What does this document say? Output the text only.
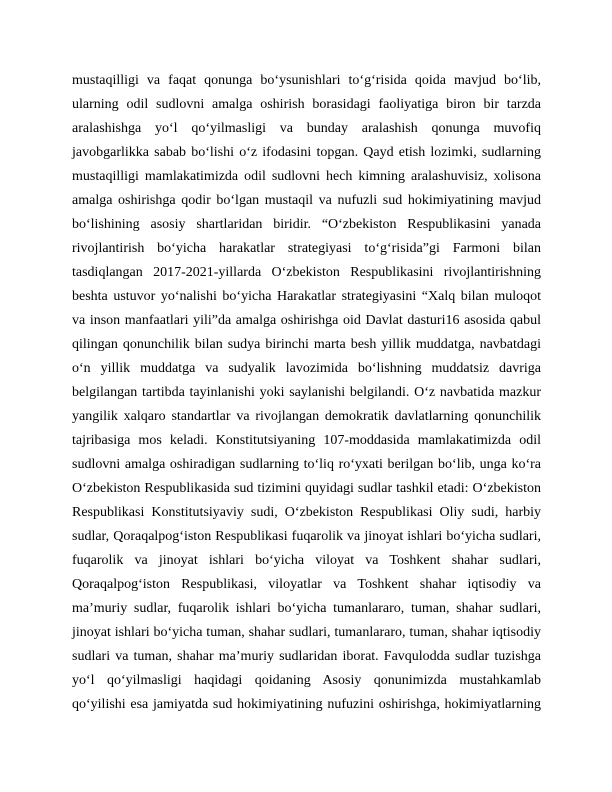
mustaqilligi va faqat qonunga bo‘ysunishlari to‘g‘risida qoida mavjud bo‘lib,
ularning odil sudlovni amalga oshirish borasidagi faoliyatiga biron bir tarzda
aralashishga yo‘l qo‘yilmasligi va bunday aralashish qonunga muvofiq
javobgarlikka sabab bo‘lishi o‘z ifodasini topgan. Qayd etish lozimki, sudlarning
mustaqilligi mamlakatimizda odil sudlovni hech kimning aralashuvisiz, xolisona
amalga oshirishga qodir bo‘lgan mustaqil va nufuzli sud hokimiyatining mavjud
bo‘lishining asosiy shartlaridan biridir. “O‘zbekiston Respublikasini yanada
rivojlantirish bo‘yicha harakatlar strategiyasi to‘g‘risida”gi Farmoni bilan
tasdiqlangan 2017-2021-yillarda O‘zbekiston Respublikasini rivojlantirishning
beshta ustuvor yo‘nalishi bo‘yicha Harakatlar strategiyasini “Xalq bilan muloqot
va inson manfaatlari yili”da amalga oshirishga oid Davlat dasturi16 asosida qabul
qilingan qonunchilik bilan sudya birinchi marta besh yillik muddatga, navbatdagi
o‘n yillik muddatga va sudyalik lavozimida bo‘lishning muddatsiz davriga
belgilangan tartibda tayinlanishi yoki saylanishi belgilandi. O‘z navbatida mazkur
yangilik xalqaro standartlar va rivojlangan demokratik davlatlarning qonunchilik
tajribasiga mos keladi. Konstitutsiyaning 107-moddasida mamlakatimizda odil
sudlovni amalga oshiradigan sudlarning to‘liq ro‘yxati berilgan bo‘lib, unga ko‘ra
O‘zbekiston Respublikasida sud tizimini quyidagi sudlar tashkil etadi: O‘zbekiston
Respublikasi Konstitutsiyaviy sudi, O‘zbekiston Respublikasi Oliy sudi, harbiy
sudlar, Qoraqalpog‘iston Respublikasi fuqarolik va jinoyat ishlari bo‘yicha sudlari,
fuqarolik va jinoyat ishlari bo‘yicha viloyat va Toshkent shahar sudlari,
Qoraqalpog‘iston Respublikasi, viloyatlar va Toshkent shahar iqtisodiy va
ma’muriy sudlar, fuqarolik ishlari bo‘yicha tumanlararo, tuman, shahar sudlari,
jinoyat ishlari bo‘yicha tuman, shahar sudlari, tumanlararo, tuman, shahar iqtisodiy
sudlari va tuman, shahar ma’muriy sudlaridan iborat. Favqulodda sudlar tuzishga
yo‘l qo‘yilmasligi haqidagi qoidaning Asosiy qonunimizda mustahkamlab
qo‘yilishi esa jamiyatda sud hokimiyatining nufuzini oshirishga, hokimiyatlarning
